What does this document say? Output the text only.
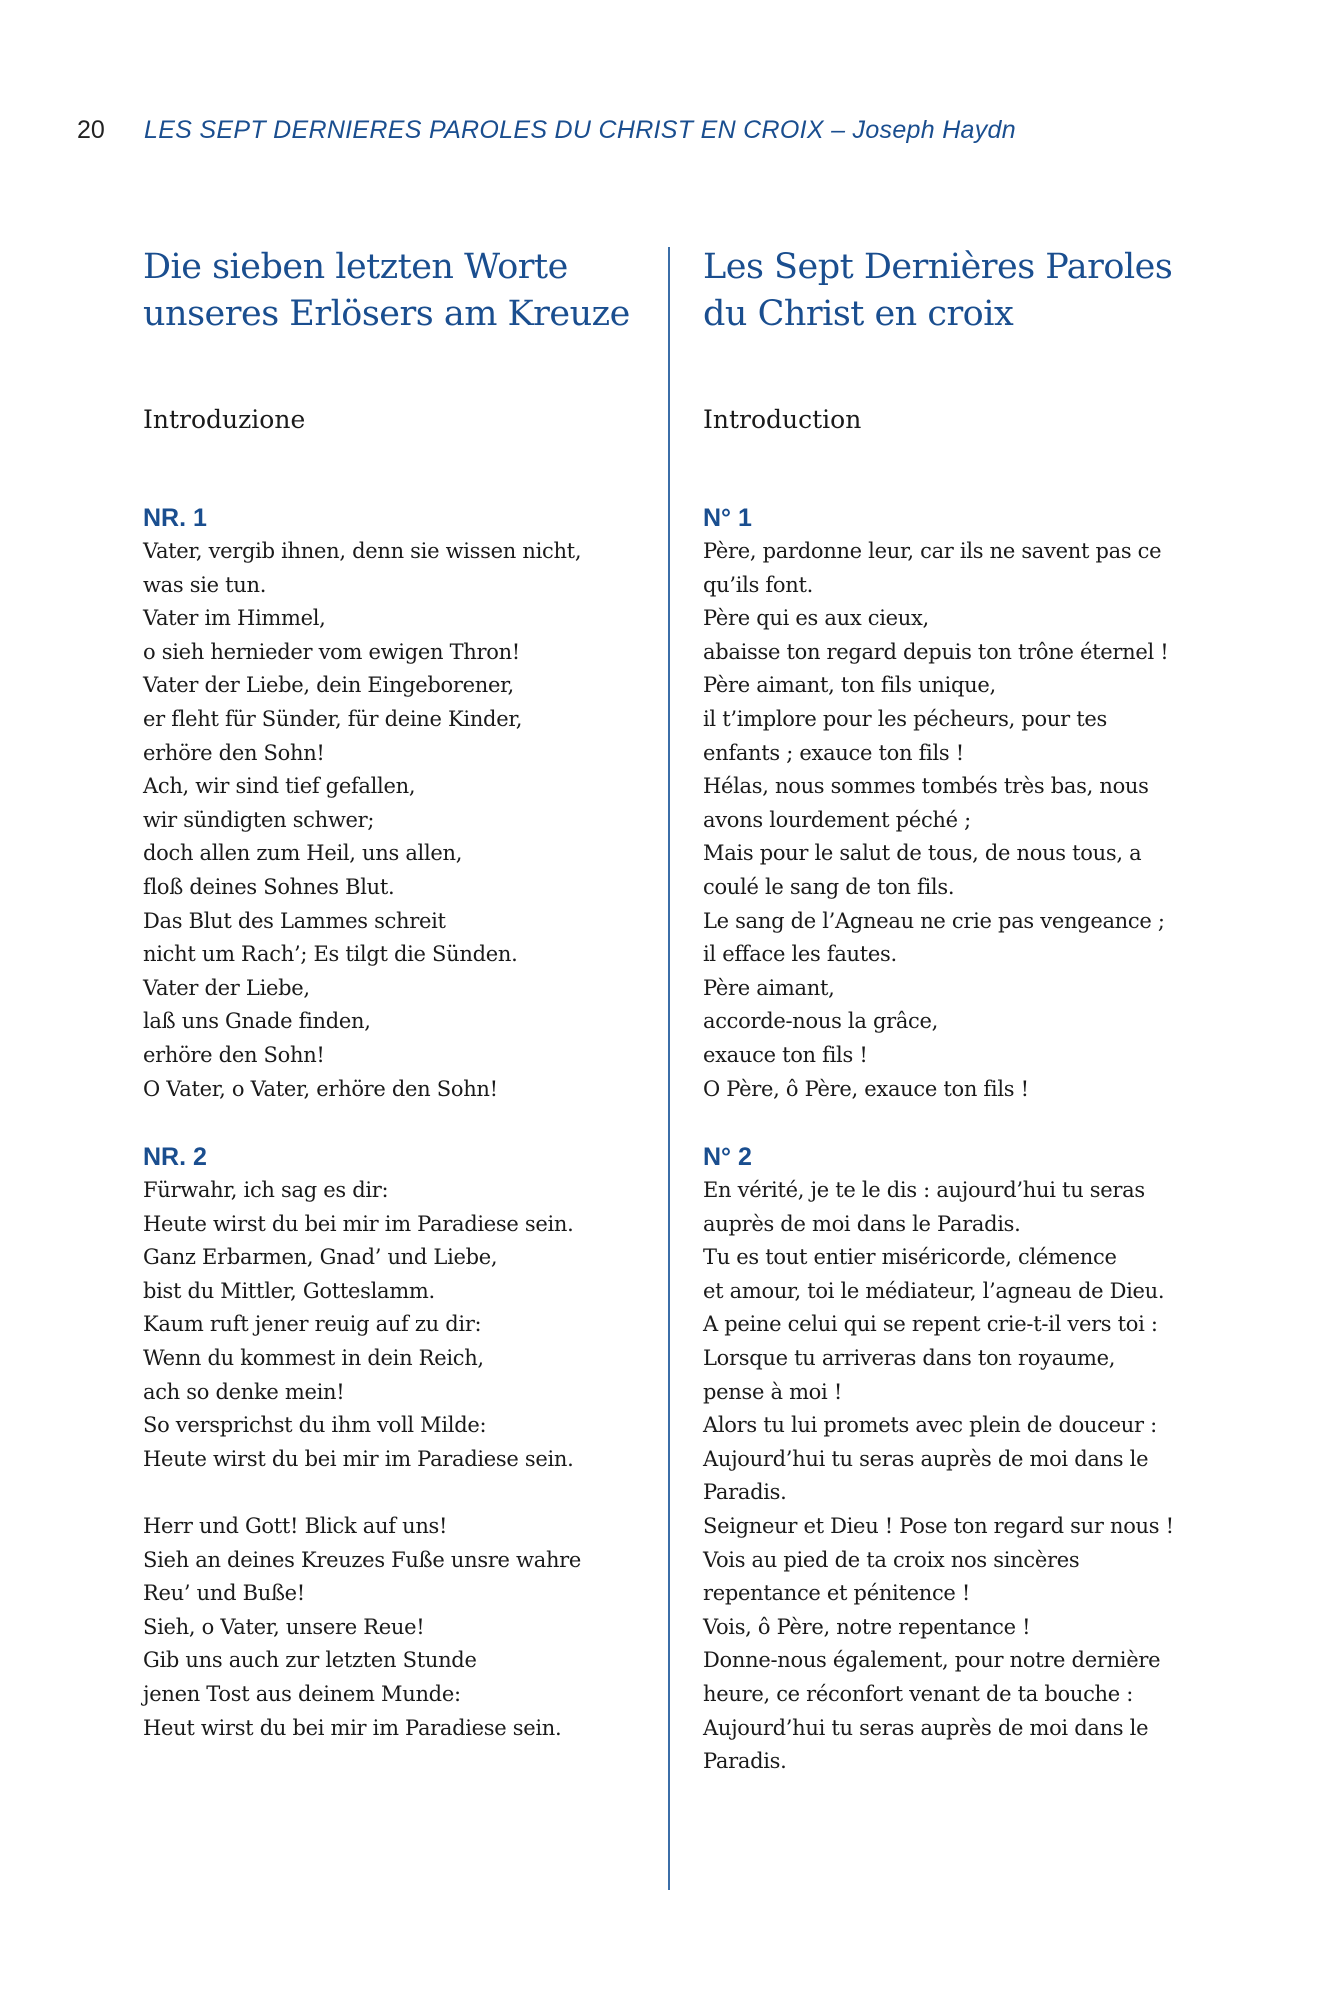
20 LES SEPT DERNIERES PAROLES DU CHRIST EN CROIX – Joseph Haydn
Die sieben letzten Worte
unseres Erlösers am Kreuze
Introduzione
NR. 1
Vater, vergib ihnen, denn sie wissen nicht,
was sie tun.
Vater im Himmel,
o sieh hernieder vom ewigen Thron!
Vater der Liebe, dein Eingeborener,
er fleht für Sünder, für deine Kinder,
erhöre den Sohn!
Ach, wir sind tief gefallen,
wir sündigten schwer;
doch allen zum Heil, uns allen,
floß deines Sohnes Blut.
Das Blut des Lammes schreit
nicht um Rach’; Es tilgt die Sünden.
Vater der Liebe,
laß uns Gnade finden,
erhöre den Sohn!
O Vater, o Vater, erhöre den Sohn!
NR. 2
Fürwahr, ich sag es dir:
Heute wirst du bei mir im Paradiese sein.
Ganz Erbarmen, Gnad’ und Liebe,
bist du Mittler, Gotteslamm.
Kaum ruft jener reuig auf zu dir:
Wenn du kommest in dein Reich,
ach so denke mein!
So versprichst du ihm voll Milde:
Heute wirst du bei mir im Paradiese sein.
Herr und Gott! Blick auf uns!
Sieh an deines Kreuzes Fuße unsre wahre
Reu’ und Buße!
Sieh, o Vater, unsere Reue!
Gib uns auch zur letzten Stunde
jenen Tost aus deinem Munde:
Heut wirst du bei mir im Paradiese sein.
Les Sept Dernières Paroles
du Christ en croix
Introduction
N° 1
Père, pardonne leur, car ils ne savent pas ce
qu’ils font.
Père qui es aux cieux,
abaisse ton regard depuis ton trône éternel !
Père aimant, ton fils unique,
il t’implore pour les pécheurs, pour tes
enfants ; exauce ton fils !
Hélas, nous sommes tombés très bas, nous
avons lourdement péché ;
Mais pour le salut de tous, de nous tous, a
coulé le sang de ton fils.
Le sang de l’Agneau ne crie pas vengeance ;
il efface les fautes.
Père aimant,
accorde-nous la grâce,
exauce ton fils !
O Père, ô Père, exauce ton fils !
N° 2
En vérité, je te le dis : aujourd’hui tu seras
auprès de moi dans le Paradis.
Tu es tout entier miséricorde, clémence
et amour, toi le médiateur, l’agneau de Dieu.
A peine celui qui se repent crie-t-il vers toi :
Lorsque tu arriveras dans ton royaume,
pense à moi !
Alors tu lui promets avec plein de douceur :
Aujourd’hui tu seras auprès de moi dans le
Paradis.
Seigneur et Dieu ! Pose ton regard sur nous !
Vois au pied de ta croix nos sincères
repentance et pénitence !
Vois, ô Père, notre repentance !
Donne-nous également, pour notre dernière
heure, ce réconfort venant de ta bouche :
Aujourd’hui tu seras auprès de moi dans le
Paradis.
